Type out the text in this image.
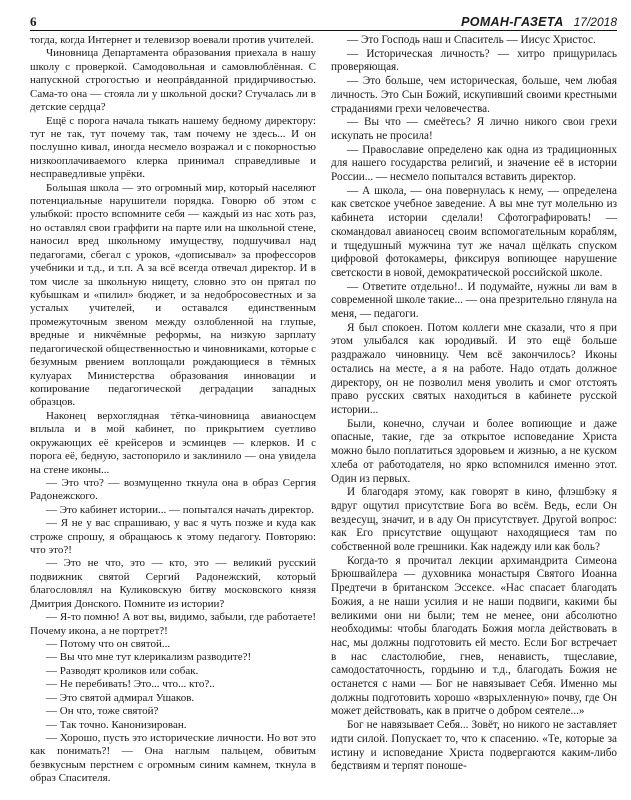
6	РОМАН-ГАЗЕТА 17/2018

тогда, когда Интернет и телевизор воевали против учителей.

Чиновница Департамента образования приехала в нашу школу с проверкой. Самодовольная и самовлюблённая. С напускной строгостью и неопрáвданной придирчивостью. Сама-то она — стояла ли у школьной доски? Стучалась ли в детские сердца?

Ещё с порога начала тыкать нашему бедному директору: тут не так, тут почему так, там почему не здесь... И он послушно кивал, иногда несмело возражал и с покорностью низкооплачиваемого клерка принимал справедливые и несправедливые упрёки.

Большая школа — это огромный мир, который населяют потенциальные нарушители порядка. Говорю об этом с улыбкой: просто вспомните себя — каждый из нас хоть раз, но оставлял свои граффити на парте или на школьной стене, наносил вред школьному имуществу, подшучивал над педагогами, сбегал с уроков, «дописывал» за профессоров учебники и т.д., и т.п. А за всё всегда отвечал директор. И в том числе за школьную нищету, словно это он прятал по кубышкам и «пилил» бюджет, и за недобросовестных и за усталых учителей, и оставался единственным промежуточным звеном между озлобленной на глупые, вредные и никчёмные реформы, на низкую зарплату педагогической общественностью и чиновниками, которые с безумным рвением воплощали рождающиеся в тёмных кулуарах Министерства образования инновации и копирование педагогической деградации западных образцов.

Наконец верхоглядная тётка-чиновница авианосцем вплыла и в мой кабинет, по прикрытием суетливо окружающих её крейсеров и эсминцев — клерков. И с порога её, бедную, застопорило и заклинило — она увидела на стене иконы...

— Это что? — возмущенно ткнула она в образ Сергия Радонежского.

— Это кабинет истории... — попытался начать директор.

— Я не у вас спрашиваю, у вас я чуть позже и куда как строже спрошу, я обращаюсь к этому педагогу. Повторяю: что это?!

— Это не что, это — кто, это — великий русский подвижник святой Сергий Радонежский, который благословлял на Куликовскую битву московского князя Дмитрия Донского. Помните из истории?

— Я-то помню! А вот вы, видимо, забыли, где работаете! Почему икона, а не портрет?!

— Потому что он святой...

— Вы что мне тут клерикализм разводите?!

— Разводят кроликов или собак.

— Не перебивать! Это... что... кто?..

— Это святой адмирал Ушаков.

— Он что, тоже святой?

— Так точно. Канонизирован.

— Хорошо, пусть это исторические личности. Но вот это как понимать?! — Она наглым пальцем, обвитым безвкусным перстнем с огромным синим камнем, ткнула в образ Спасителя.

— Это Господь наш и Спаситель — Иисус Христос.

— Историческая личность? — хитро прищурилась проверяющая.

— Это больше, чем историческая, больше, чем любая личность. Это Сын Божий, искупивший своими крестными страданиями грехи человечества.

— Вы что — смеётесь? Я лично никого свои грехи искупать не просила!

— Православие определено как одна из традиционных для нашего государства религий, и значение её в истории России... — неcмело попытался вставить директор.

— А школа, — она повернулась к нему, — определена как светское учебное заведение. А вы мне тут молельню из кабинета истории сделали! Сфотографировать! — скомандовал авианосец своим вспомогательным кораблям, и тщедушный мужчина тут же начал щёлкать спуском цифровой фотокамеры, фиксируя вопиющее нарушение светскости в новой, демократической российской школе.

— Ответите отдельно!.. И подумайте, нужны ли вам в современной школе такие... — она презрительно глянула на меня, — педагоги.

Я был спокоен. Потом коллеги мне сказали, что я при этом улыбался как юродивый. И это ещё больше раздражало чиновницу. Чем всё закончилось? Иконы остались на месте, а я на работе. Надо отдать должное директору, он не позволил меня уволить и смог отстоять право русских святых находиться в кабинете русской истории...

Были, конечно, случаи и более вопиющие и даже опасные, такие, где за открытое исповедание Христа можно было поплатиться здоровьем и жизнью, а не куском хлеба от работодателя, но ярко вспомнился именно этот. Один из первых.

И благодаря этому, как говорят в кино, флэшбэку я вдруг ощутил присутствие Бога во всём. Ведь, если Он вездесущ, значит, и в аду Он присутствует. Другой вопрос: как Его присутствие ощущают находящиеся там по собственной воле грешники. Как надежду или как боль?

Когда-то я прочитал лекции архимандрита Симеона Брюшвайлера — духовника монастыря Святого Иоанна Предтечи в британском Эссексе. «Нас спасает благодать Божия, а не наши усилия и не наши подвиги, какими бы великими они ни были; тем не менее, они абсолютно необходимы: чтобы благодать Божия могла действовать в нас, мы должны подготовить ей место. Если Бог встречает в нас сластолюбие, гнев, ненависть, тщеславие, самодостаточность, гордыню и т.д., благодать Божия не останется с нами — Бог не навязывает Себя. Именно мы должны подготовить хорошо «взрыхленную» почву, где Он может действовать, как в притче о добром сеятеле...»

Бог не навязывает Себя... Зовёт, но никого не заставляет идти силой. Попускает то, что к спасению. «Те, которые за истину и исповедание Христа подвергаются каким-либо бедствиям и терпят поноше-
